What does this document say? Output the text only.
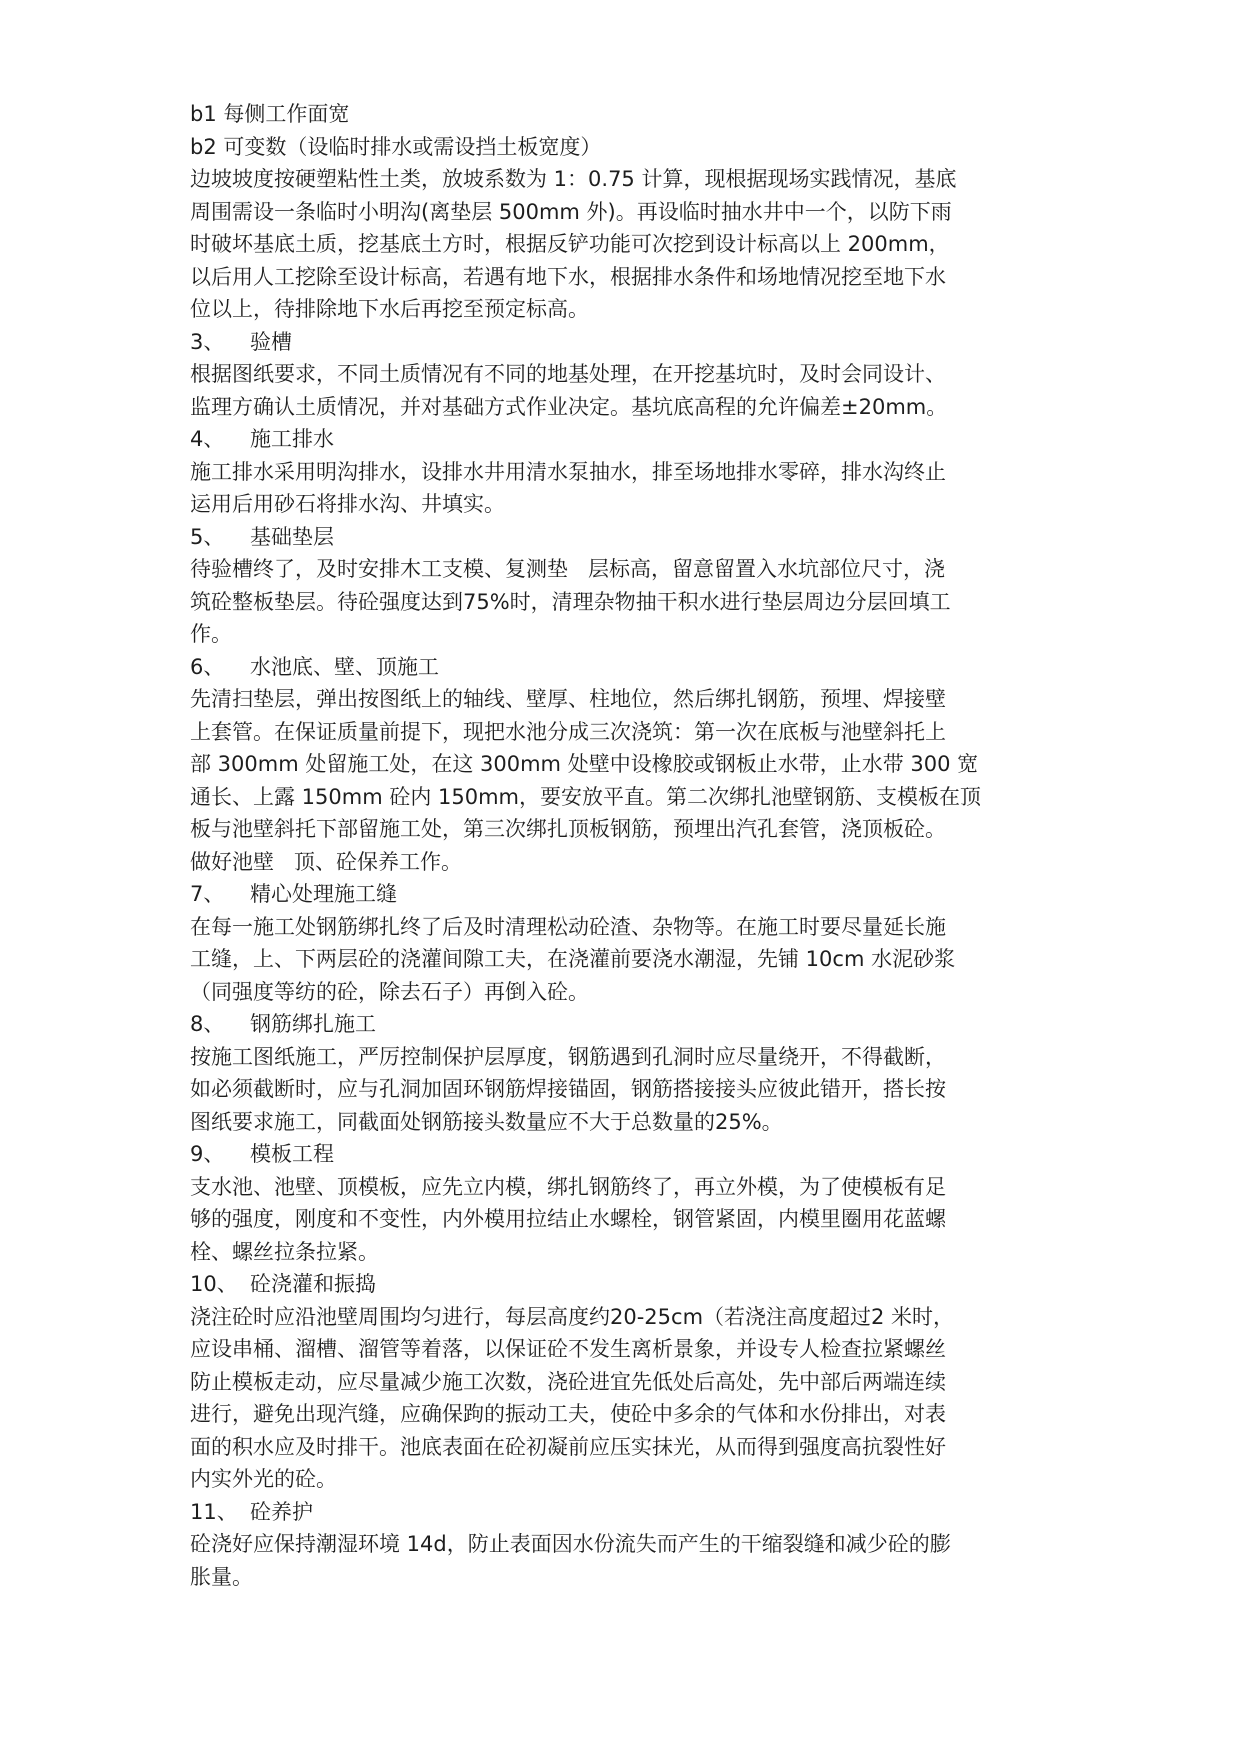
b1 每侧工作面宽

b2 可变数（设临时排水或需设挡土板宽度）

边坡坡度按硬塑粘性土类，放坡系数为 1：0.75 计算，现根据现场实践情况，基底

周围需设一条临时小明沟(离垫层 500mm 外)。再设临时抽水井中一个，以防下雨

时破坏基底土质，挖基底土方时，根据反铲功能可次挖到设计标高以上 200mm，

以后用人工挖除至设计标高，若遇有地下水，根据排水条件和场地情况挖至地下水

位以上，待排除地下水后再挖至预定标高。

3、 验槽

根据图纸要求，不同土质情况有不同的地基处理，在开挖基坑时，及时会同设计、

监理方确认土质情况，并对基础方式作业决定。基坑底高程的允许偏差±20mm。

4、 施工排水

施工排水采用明沟排水，设排水井用清水泵抽水，排至场地排水零碎，排水沟终止

运用后用砂石将排水沟、井填实。

5、 基础垫层

待验槽终了，及时安排木工支模、复测垫   层标高，留意留置入水坑部位尺寸，浇

筑砼整板垫层。待砼强度达到75%时，清理杂物抽干积水进行垫层周边分层回填工

作。

6、 水池底、壁、顶施工

先清扫垫层，弹出按图纸上的轴线、壁厚、柱地位，然后绑扎钢筋，预埋、焊接壁

上套管。在保证质量前提下，现把水池分成三次浇筑：第一次在底板与池壁斜托上

部 300mm 处留施工处，在这 300mm 处壁中设橡胶或钢板止水带，止水带 300 宽

通长、上露 150mm 砼内 150mm，要安放平直。第二次绑扎池壁钢筋、支模板在顶

板与池壁斜托下部留施工处，第三次绑扎顶板钢筋，预埋出汽孔套管，浇顶板砼。

做好池壁   顶、砼保养工作。

7、 精心处理施工缝

在每一施工处钢筋绑扎终了后及时清理松动砼渣、杂物等。在施工时要尽量延长施

工缝，上、下两层砼的浇灌间隙工夫，在浇灌前要浇水潮湿，先铺 10cm 水泥砂浆

（同强度等纺的砼，除去石子）再倒入砼。

8、 钢筋绑扎施工

按施工图纸施工，严厉控制保护层厚度，钢筋遇到孔洞时应尽量绕开，不得截断，

如必须截断时，应与孔洞加固环钢筋焊接锚固，钢筋搭接接头应彼此错开，搭长按

图纸要求施工，同截面处钢筋接头数量应不大于总数量的25%。

9、 模板工程

支水池、池壁、顶模板，应先立内模，绑扎钢筋终了，再立外模，为了使模板有足

够的强度，刚度和不变性，内外模用拉结止水螺栓，钢管紧固，内模里圈用花蓝螺

栓、螺丝拉条拉紧。

10、 砼浇灌和振捣

浇注砼时应沿池壁周围均匀进行，每层高度约20-25cm（若浇注高度超过2 米时，

应设串桶、溜槽、溜管等着落，以保证砼不发生离析景象，并设专人检查拉紧螺丝

防止模板走动，应尽量减少施工次数，浇砼进宜先低处后高处，先中部后两端连续

进行，避免出现汽缝，应确保跔的振动工夫，使砼中多余的气体和水份排出，对表

面的积水应及时排干。池底表面在砼初凝前应压实抹光，从而得到强度高抗裂性好

内实外光的砼。

11、 砼养护

砼浇好应保持潮湿环境 14d，防止表面因水份流失而产生的干缩裂缝和减少砼的膨

胀量。
